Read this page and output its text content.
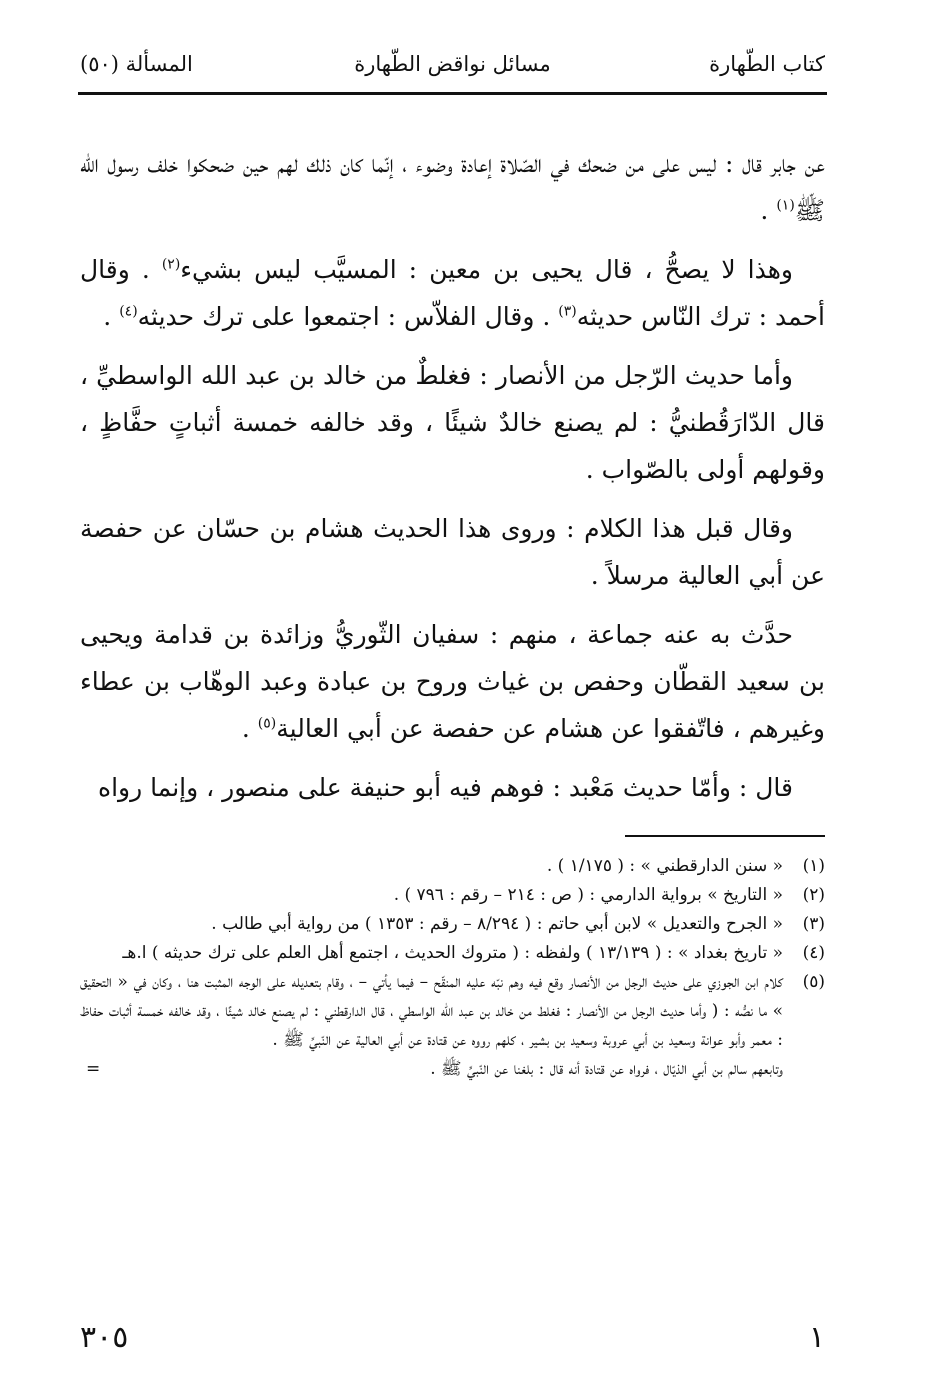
كتاب الطّهارة
مسائل نواقض الطّهارة
المسألة (٥٠)

عن جابر قال : ليس على من ضحك في الصّلاة إعادة وضوء ، إنّما كان ذلك لهم حين ضحكوا خلف رسول الله ﷺ$^{(١)}$ .

وهذا لا يصحُّ ، قال يحيى بن معين : المسيَّب ليس بشيء$^{(٢)}$ . وقال أحمد : ترك النّاس حديثه$^{(٣)}$ . وقال الفلاّس : اجتمعوا على ترك حديثه$^{(٤)}$ .

وأما حديث الرّجل من الأنصار : فغلطٌ من خالد بن عبد الله الواسطيِّ ، قال الدّارَقُطنيُّ : لم يصنع خالدٌ شيئًا ، وقد خالفه خمسة أثباتٍ حفَّاظٍ ، وقولهم أولى بالصّواب .

وقال قبل هذا الكلام : وروى هذا الحديث هشام بن حسّان عن حفصة عن أبي العالية مرسلاً .

حدَّث به عنه جماعة ، منهم : سفيان الثّوريُّ وزائدة بن قدامة ويحيى بن سعيد القطّان وحفص بن غياث وروح بن عبادة وعبد الوهّاب بن عطاء وغيرهم ، فاتّفقوا عن هشام عن حفصة عن أبي العالية$^{(٥)}$ .

قال : وأمّا حديث مَعْبد : فوهم فيه أبو حنيفة على منصور ، وإنما رواه

(١)
« سنن الدارقطني » : ( ١/١٧٥ ) .
(٢)
« التاريخ » برواية الدارمي : ( ص : ٢١٤ – رقم : ٧٩٦ ) .
(٣)
« الجرح والتعديل » لابن أبي حاتم : ( ٨/٢٩٤ – رقم : ١٣٥٣ ) من رواية أبي طالب .
(٤)
« تاريخ بغداد » : ( ١٣/١٣٩ ) ولفظه : ( متروك الحديث ، اجتمع أهل العلم على ترك حديثه ) ا.هـ
(٥)
كلام ابن الجوزي على حديث الرجل من الأنصار وقع فيه وهم نبّه عليه المنقّح – فيما يأتي – ، وقام بتعديله على الوجه المثبت هنا ، وكان في « التحقيق » ما نصُّه : ( وأما حديث الرجل من الأنصار : فغلط من خالد بن عبد الله الواسطي ، قال الدارقطني : لم يصنع خالد شيئًا ، وقد خالفه خمسة أثبات حفاظ : معمر وأبو عوانة وسعيد بن أبي عروبة وسعيد بن بشير ، كلهم رووه عن قتادة عن أبي العالية عن النّبيِّ ﷺ .
=	وتابعهم سالم بن أبي الذيّال ، فرواه عن قتادة أنه قال : بلغنا عن النّبيِّ ﷺ .
١
٣٠٥
